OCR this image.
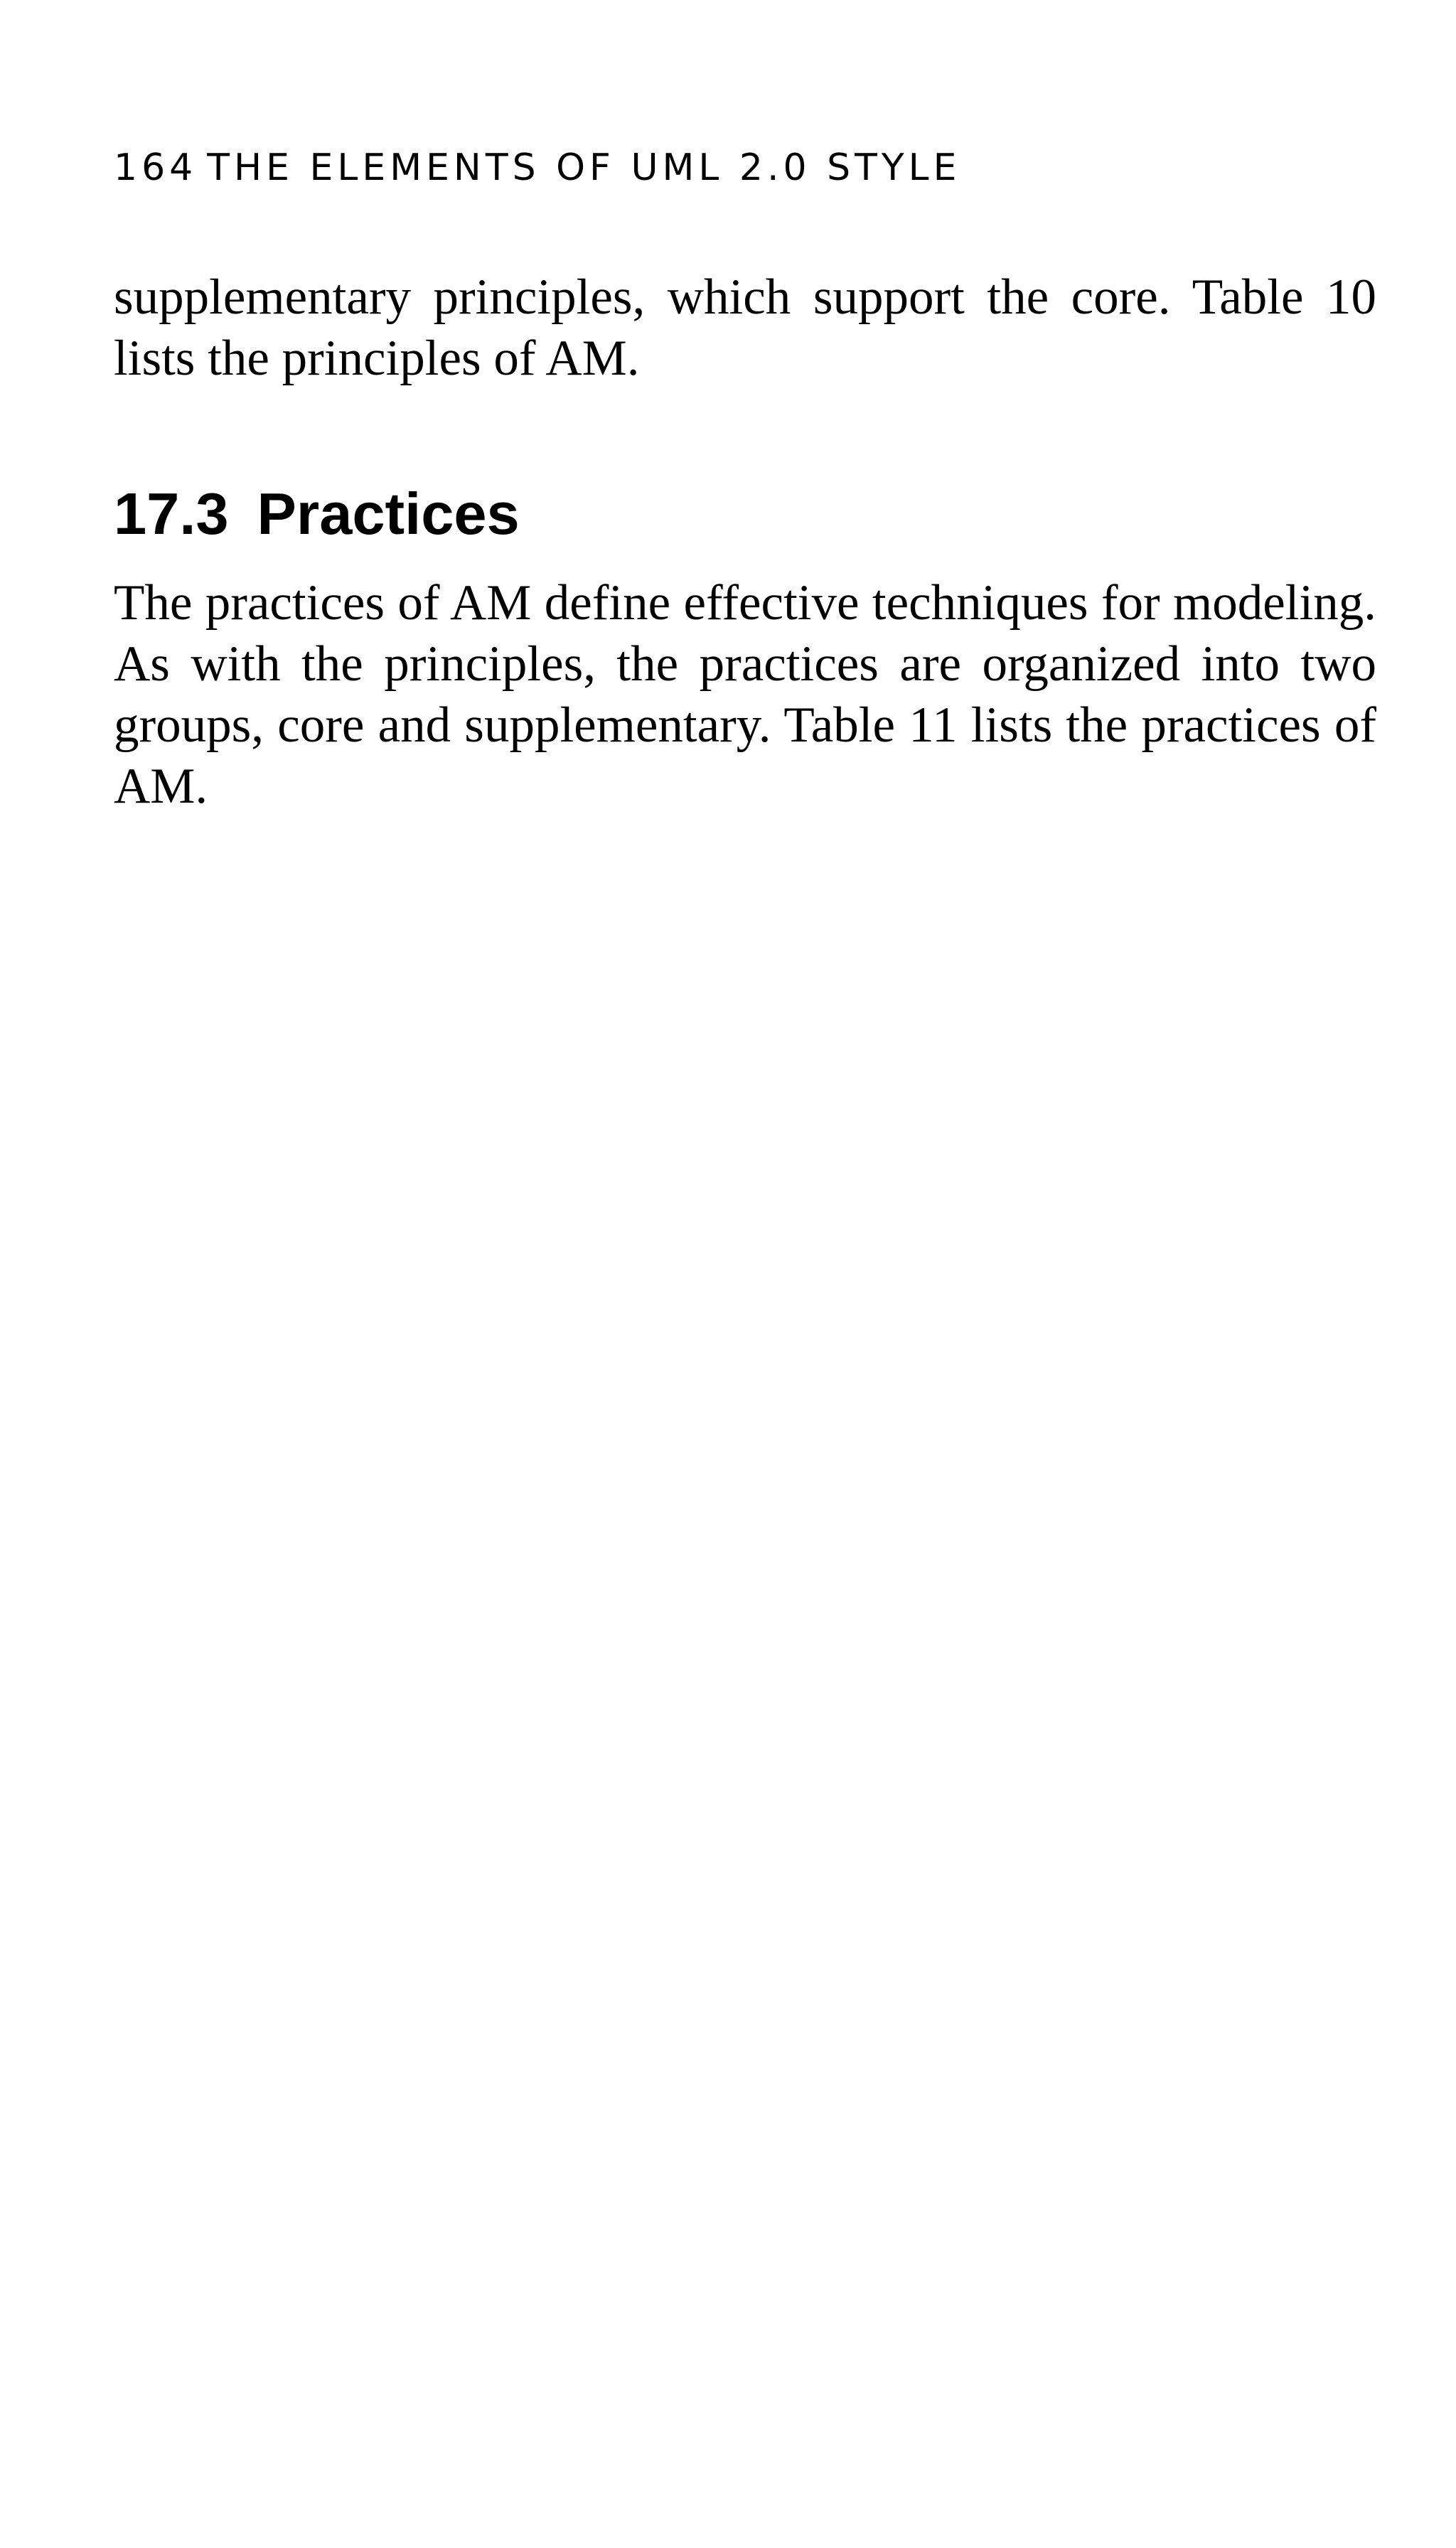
164 THE ELEMENTS OF UML 2.0 STYLE

supplementary principles, which support the core. Table 10 lists the principles of AM.

17.3 Practices

The practices of AM define effective techniques for modeling. As with the principles, the practices are organized into two groups, core and supplementary. Table 11 lists the practices of AM.
